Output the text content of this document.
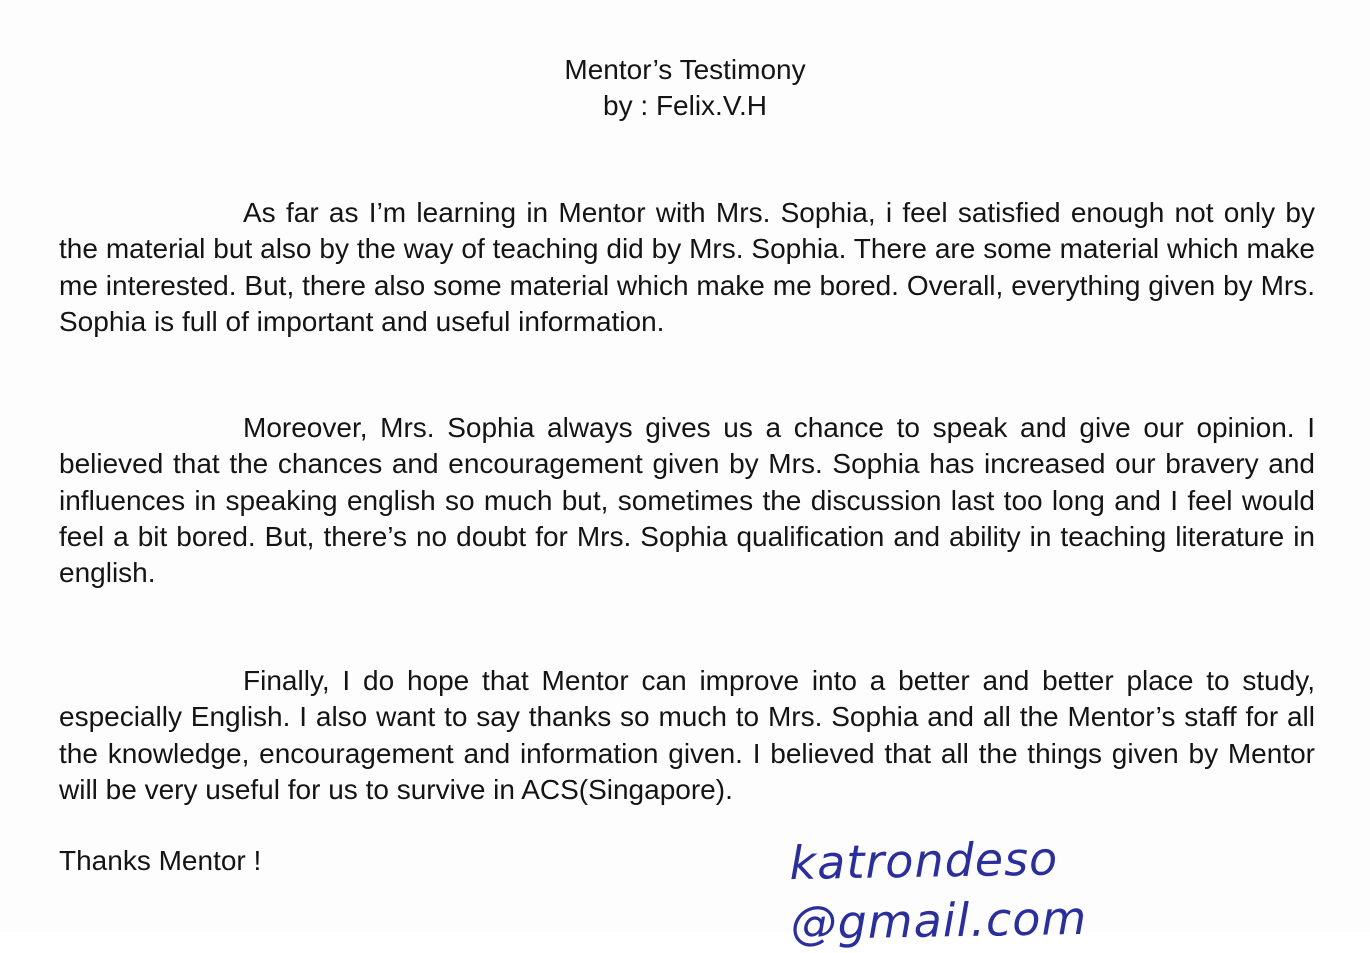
Mentor’s Testimony
by : Felix.V.H

As far as I’m learning in Mentor with Mrs. Sophia, i feel satisfied enough not only by the material but also by the way of teaching did by Mrs. Sophia. There are some material which make me interested. But, there also some material which make me bored. Overall, everything given by Mrs. Sophia is full of important and useful information.

Moreover, Mrs. Sophia always gives us a chance to speak and give our opinion. I believed that the chances and encouragement given by Mrs. Sophia has increased our bravery and influences in speaking english so much but, sometimes the discussion last too long and I feel would feel a bit bored. But, there’s no doubt for Mrs. Sophia qualification and ability in teaching literature in english.

Finally, I do hope that Mentor can improve into a better and better place to study, especially English. I also want to say thanks so much to Mrs. Sophia and all the Mentor’s staff for all the knowledge, encouragement and information given. I believed that all the things given by Mentor will be very useful for us to survive in ACS(Singapore).

Thanks Mentor !	katrondeso @gmail.com
